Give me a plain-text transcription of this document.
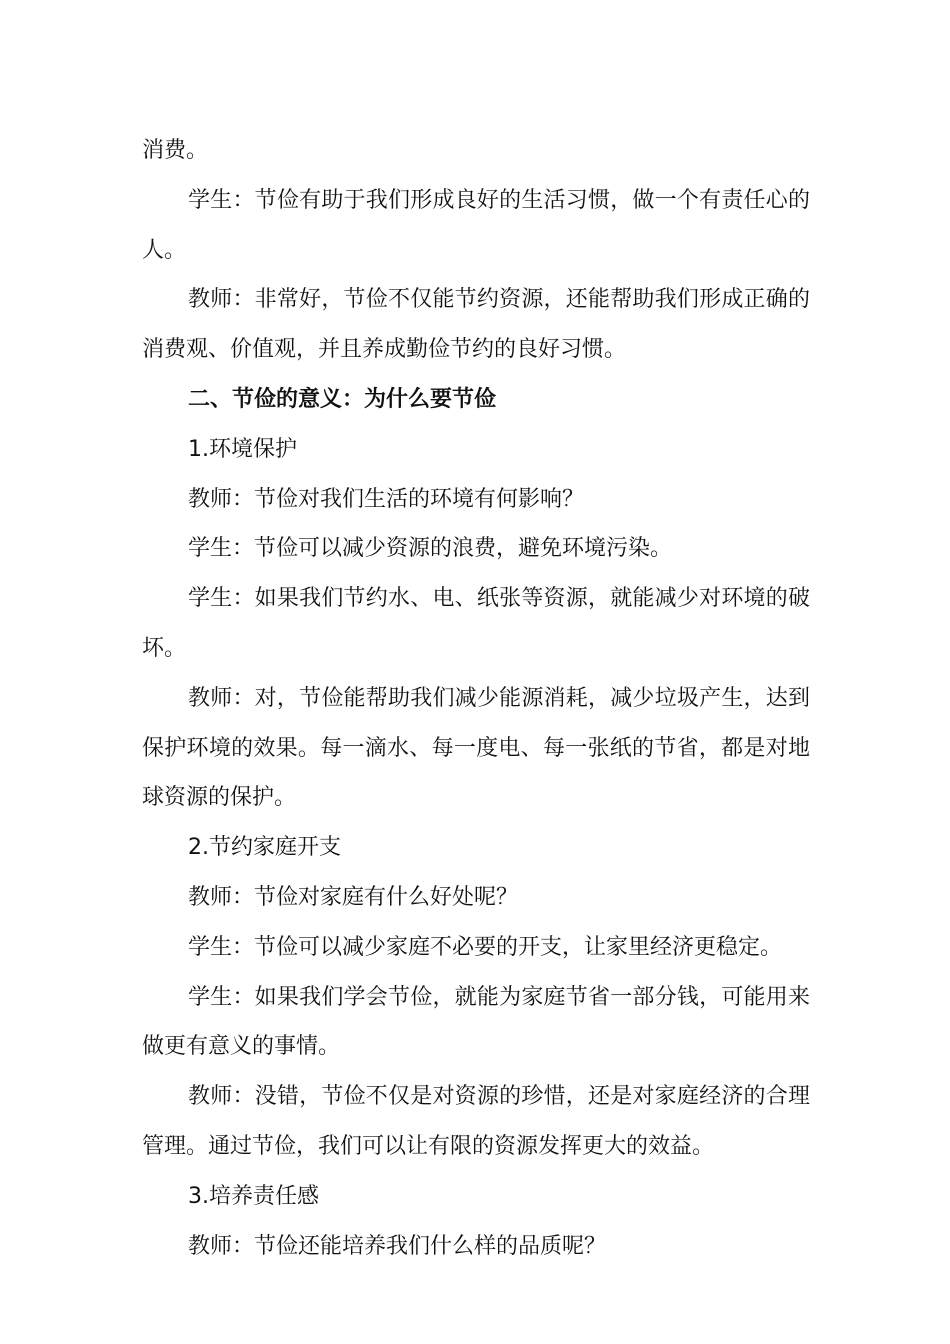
消费。

学生：节俭有助于我们形成良好的生活习惯，做一个有责任心的人。

教师：非常好，节俭不仅能节约资源，还能帮助我们形成正确的消费观、价值观，并且养成勤俭节约的良好习惯。

二、节俭的意义：为什么要节俭

1.环境保护

教师：节俭对我们生活的环境有何影响？

学生：节俭可以减少资源的浪费，避免环境污染。

学生：如果我们节约水、电、纸张等资源，就能减少对环境的破坏。

教师：对，节俭能帮助我们减少能源消耗，减少垃圾产生，达到保护环境的效果。每一滴水、每一度电、每一张纸的节省，都是对地球资源的保护。

2.节约家庭开支

教师：节俭对家庭有什么好处呢？

学生：节俭可以减少家庭不必要的开支，让家里经济更稳定。

学生：如果我们学会节俭，就能为家庭节省一部分钱，可能用来做更有意义的事情。

教师：没错，节俭不仅是对资源的珍惜，还是对家庭经济的合理管理。通过节俭，我们可以让有限的资源发挥更大的效益。

3.培养责任感

教师：节俭还能培养我们什么样的品质呢？
